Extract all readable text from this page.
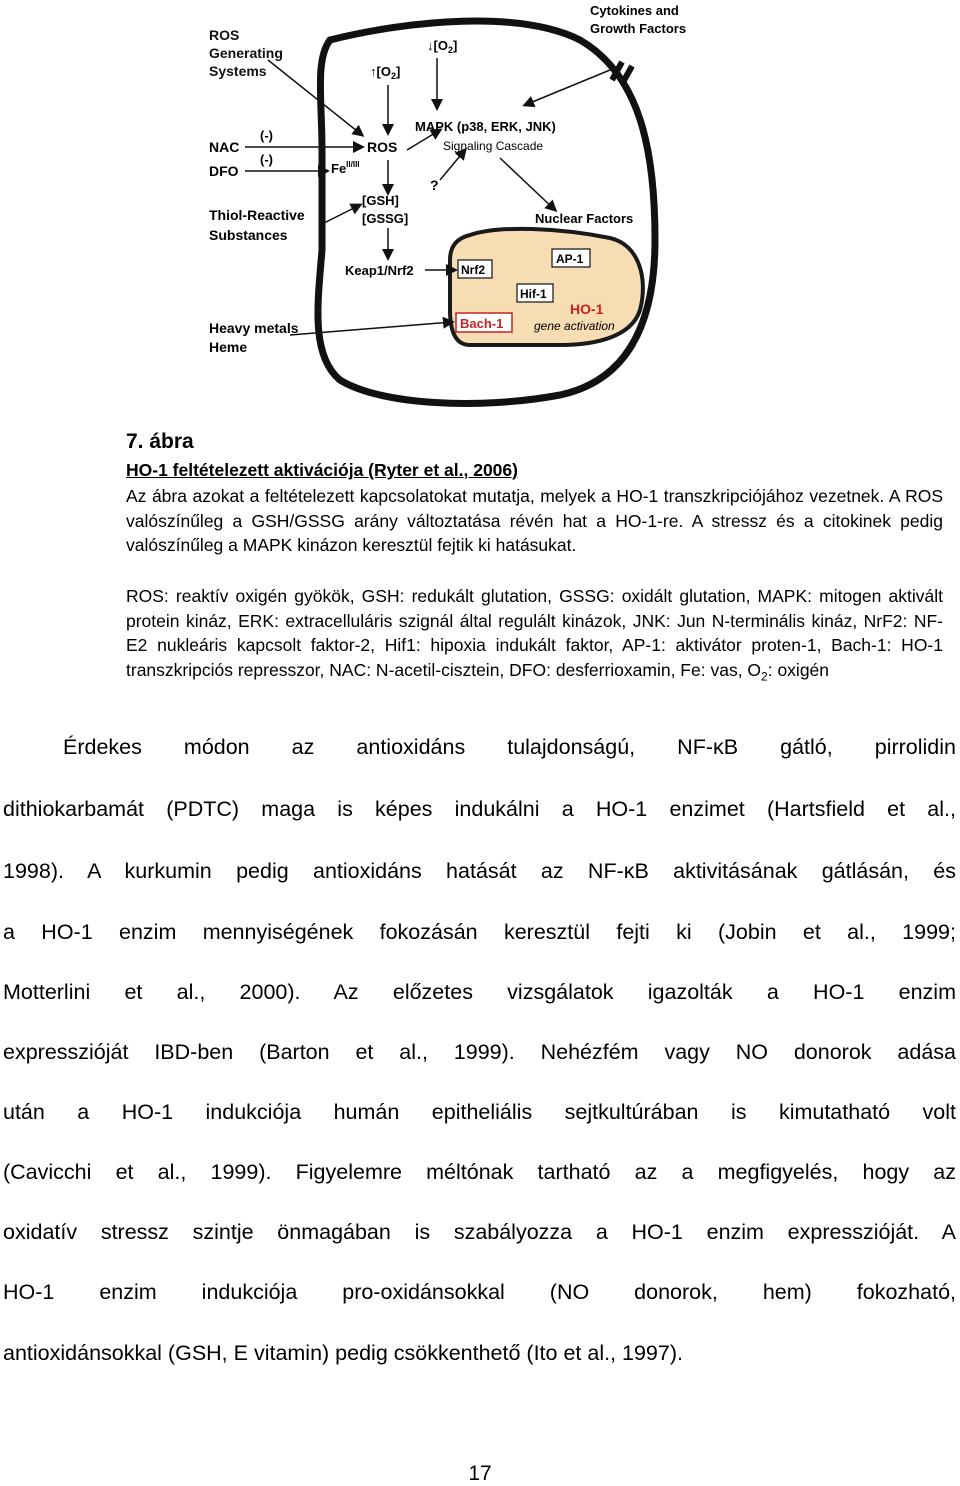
ROS Generating Systems	$↑[O_2]$
$↓[O_2]$
Cytokines and Growth Factors
NAC
DFO
(-)
(-)
ROS
$Fe^{II/III}$
MAPK (p38, ERK, JNK)
Signaling Cascade
?
Thiol-Reactive Substances
[GSH]
[GSSG]	Nuclear Factors
Keap1/Nrf2	Nrf2
AP-1
Hif-1
HO-1
gene activation
Bach-1
Heavy metals Heme
7. ábra
HO-1 feltételezett aktivációja (Ryter et al., 2006)
Az ábra azokat a feltételezett kapcsolatokat mutatja, melyek a HO-1 transzkripciójához vezetnek. A ROS valószínűleg a GSH/GSSG arány változtatása révén hat a HO-1-re. A stressz és a citokinek pedig valószínűleg a MAPK kinázon keresztül fejtik ki hatásukat.
ROS: reaktív oxigén gyökök, GSH: redukált glutation, GSSG: oxidált glutation, MAPK: mitogen aktivált protein kináz, ERK: extracelluláris szignál által regulált kinázok, JNK: Jun N-terminális kináz, NrF2: NF-E2 nukleáris kapcsolt faktor-2, Hif1: hipoxia indukált faktor, AP-1: aktivátor proten-1, Bach-1: HO-1 transzkripciós represszor, NAC: N-acetil-cisztein, DFO: desferrioxamin, Fe: vas, $O_2$: oxigén
Érdekes módon az antioxidáns tulajdonságú, NF-κB gátló, pirrolidin
dithiokarbamát (PDTC) maga is képes indukálni a HO-1 enzimet (Hartsfield et al.,
1998). A kurkumin pedig antioxidáns hatását az NF-κB aktivitásának gátlásán, és
a HO-1 enzim mennyiségének fokozásán keresztül fejti ki (Jobin et al., 1999;
Motterlini et al., 2000). Az előzetes vizsgálatok igazolták a HO-1 enzim
expresszióját IBD-ben (Barton et al., 1999). Nehézfém vagy NO donorok adása
után a HO-1 indukciója humán epitheliális sejtkultúrában is kimutatható volt
(Cavicchi et al., 1999). Figyelemre méltónak tartható az a megfigyelés, hogy az
oxidatív stressz szintje önmagában is szabályozza a HO-1 enzim expresszióját. A
HO-1 enzim indukciója pro-oxidánsokkal (NO donorok, hem) fokozható,
antioxidánsokkal (GSH, E vitamin) pedig csökkenthető (Ito et al., 1997).
17
